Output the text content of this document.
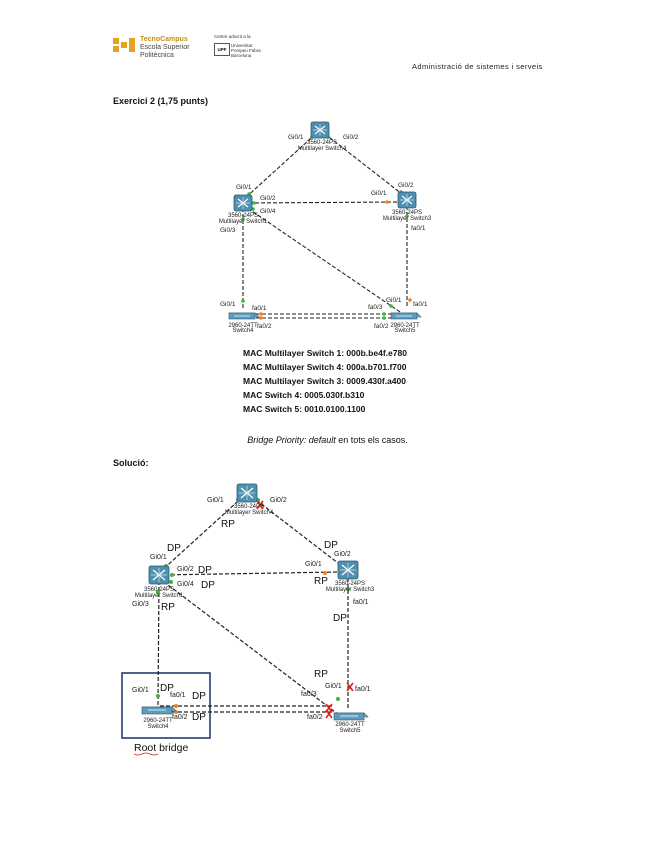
TecnoCampus
Escola Superior
Politècnica
Centre adscrit a la
UPF
Universitat
Pompeu Fabra
Barcelona
Administració de sistemes i serveis
Exercici 2 (1,75 punts)
3560-24PS
Multilayer Switch4
3560-24PS
Multilayer Switch1
3560-24PS
Multilayer Switch3
2960-24TT
Switch4
2960-24TT
Switch5
Gi0/1	Gi0/2
Gi0/1
Gi0/2
Gi0/4
Gi0/3
Gi0/1
Gi0/2
fa0/1
Gi0/1
fa0/1
fa0/2
Gi0/1
fa0/3
fa0/2
fa0/1
MAC Multilayer Switch 1: 000b.be4f.e780
MAC Multilayer Switch 4: 000a.b701.f700
MAC Multilayer Switch 3: 0009.430f.a400
MAC Switch 4: 0005.030f.b310
MAC Switch 5: 0010.0100.1100
Bridge Priority: default en tots els casos.
Solució:
3560-24PS
Multilayer Switch4
3560-24PS
Multilayer Switch1
3560-24PS
Multilayer Switch3
2960-24TT
Switch4	2960-24TT
Switch5
Gi0/1	Gi0/2
Gi0/1
Gi0/2
Gi0/4
Gi0/3
Gi0/1
Gi0/2
fa0/1
Gi0/1
fa0/1
fa0/2
Gi0/1
fa0/3
fa0/2
fa0/1
RP
DP
DP
DP
DP	RP
RP
DP
RP
DP
DP
DP
Root bridge
